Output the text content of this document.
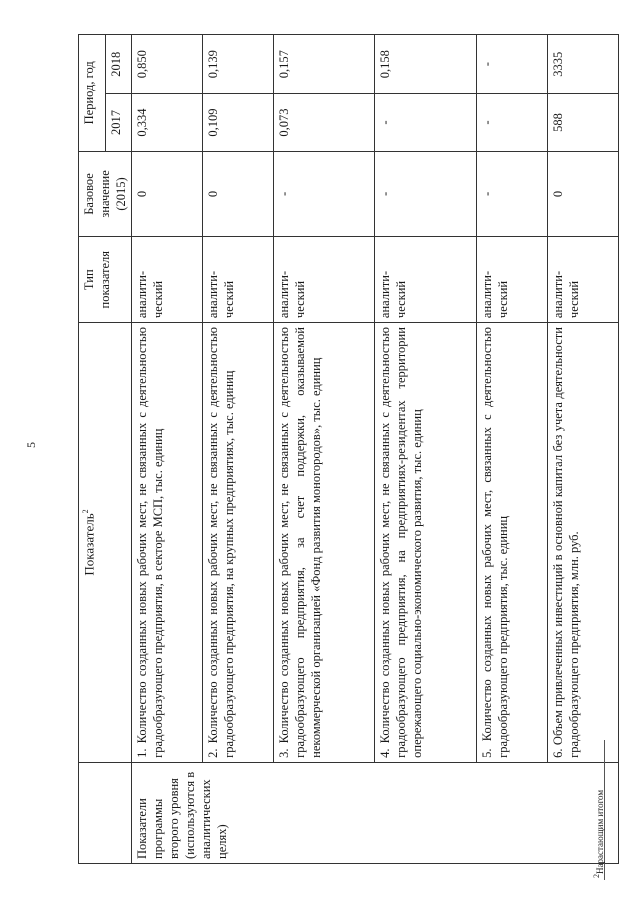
5
	Показатель$^2$	Тип показателя	Базовое значение (2015)	Период, год	
				2017	2018
Показатели программы второго уровня (используются в аналитических целях)	1. Количество созданных новых рабочих мест, не связанных с деятельностью градообразующего предприятия, в секторе МСП, тыс. единиц	аналити-ческий	0	0,334	0,850
	2. Количество созданных новых рабочих мест, не связанных с деятельностью градообразующего предприятия, на крупных предприятиях, тыс. единиц	аналити-ческий	0	0,109	0,139
	3. Количество созданных новых рабочих мест, не связанных с деятельностью градообразующего предприятия, за счет поддержки, оказываемой некоммерческой организацией «Фонд развития моногородов», тыс. единиц	аналити-ческий	-	0,073	0,157
	4. Количество созданных новых рабочих мест, не связанных с деятельностью градообразующего предприятия, на предприятиях-резидентах территории опережающего социально-экономического развития, тыс. единиц	аналити-ческий	-	-	0,158
	5. Количество созданных новых рабочих мест, связанных с деятельностью градообразующего предприятия, тыс. единиц	аналити-ческий	-	-	-
	6. Объем привлеченных инвестиций в основной капитал без учета деятельности градообразующего предприятия, млн. руб.	аналити-ческий	0	588	3335
$^2$Нарастающим итогом
